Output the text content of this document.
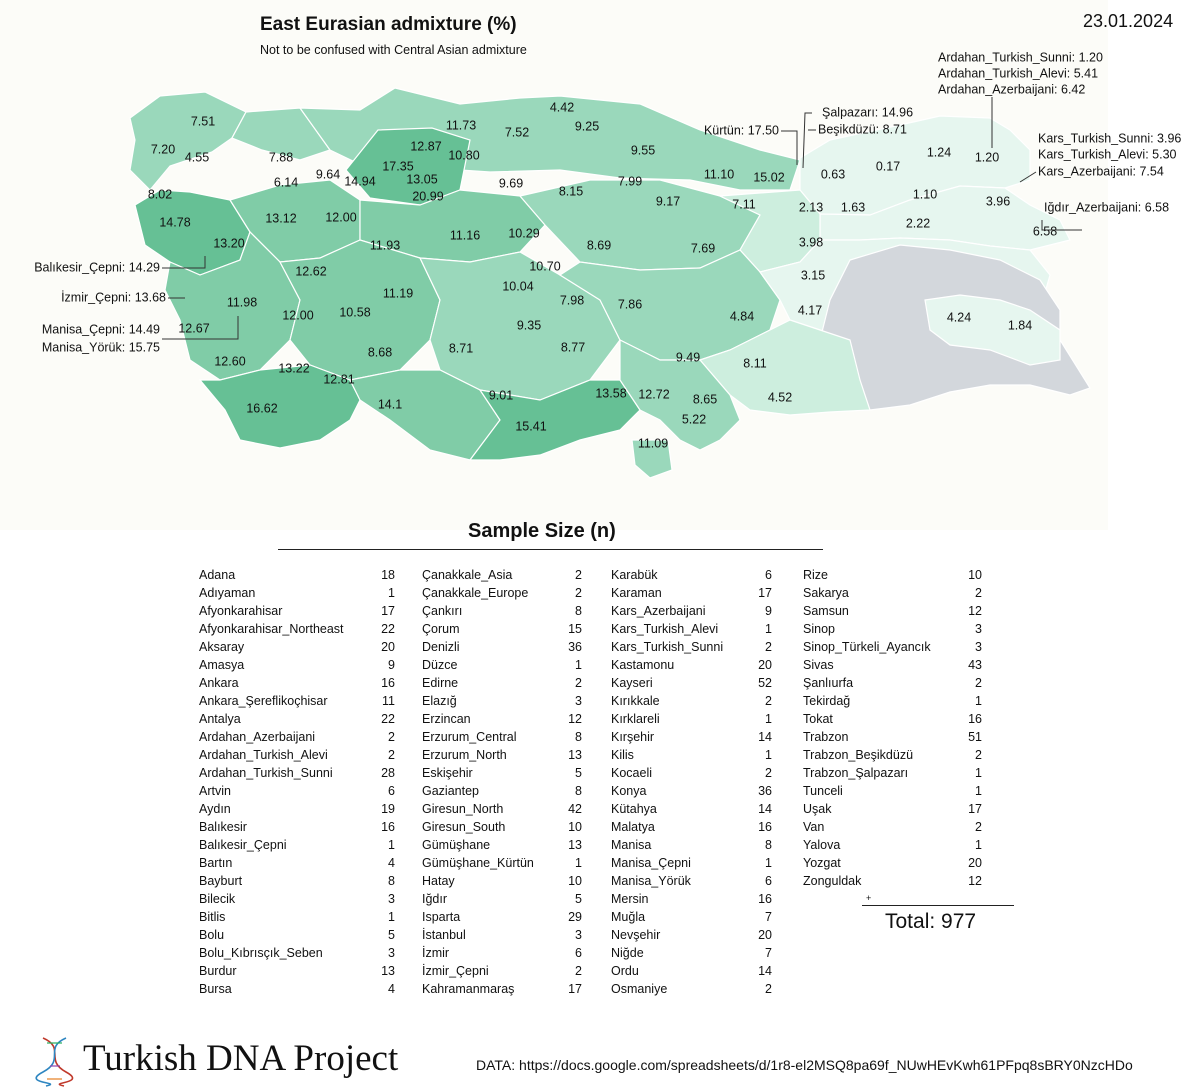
7.51
7.20
4.55
8.02
7.88
6.14
9.64 14.94
17.35
12.87
11.73
10.80
13.05
20.99
7.52
4.42
9.25
9.55
9.69
8.15
7.99	11.10 15.02
9.17	7.11
0.63
0.17
1.24 1.20
1.10	3.96
2.13 1.63
2.22
6.58
14.78	13.12 12.00
13.20	11.93
11.16 10.29
8.69	7.69	3.98
12.62	10.70
3.15
11.19	10.04
7.98
11.98
10.58
7.86	4.17
12.00	4.84
9.35
4.24
1.84
12.67
8.68	8.71	8.77
9.49
12.60	13.22	8.11
12.81
9.01	13.58 12.72 8.65	4.52
16.62	14.1
5.22
15.41
11.09
Balıkesir_Çepni: 14.29
İzmir_Çepni: 13.68
Manisa_Çepni: 14.49
Manisa_Yörük: 15.75
Kürtün: 17.50
Şalpazarı: 14.96
Beşikdüzü: 8.71
Ardahan_Turkish_Sunni: 1.20
Ardahan_Turkish_Alevi: 5.41
Ardahan_Azerbaijani: 6.42
Kars_Turkish_Sunni: 3.96
Kars_Turkish_Alevi: 5.30
Kars_Azerbaijani: 7.54
Iğdır_Azerbaijani: 6.58
East Eurasian admixture (%)
Not to be confused with Central Asian admixture
23.01.2024
Sample Size (n)
Adana	18
Adıyaman	1
Afyonkarahisar	17
Afyonkarahisar_Northeast	22
Aksaray	20
Amasya	9
Ankara	16
Ankara_Şereflikoçhisar	11
Antalya	22
Ardahan_Azerbaijani	2
Ardahan_Turkish_Alevi	2
Ardahan_Turkish_Sunni	28
Artvin	6
Aydın	19
Balıkesir	16
Balıkesir_Çepni	1
Bartın	4
Bayburt	8
Bilecik	3
Bitlis	1
Bolu	5
Bolu_Kıbrısçık_Seben	3
Burdur	13
Bursa	4
Çanakkale_Asia	2
Çanakkale_Europe	2
Çankırı	8
Çorum	15
Denizli	36
Düzce	1
Edirne	2
Elazığ	3
Erzincan	12
Erzurum_Central	8
Erzurum_North	13
Eskişehir	5
Gaziantep	8
Giresun_North	42
Giresun_South	10
Gümüşhane	13
Gümüşhane_Kürtün	1
Hatay	10
Iğdır	5
Isparta	29
İstanbul	3
İzmir	6
İzmir_Çepni	2
Kahramanmaraş	17
Karabük	6
Karaman	17
Kars_Azerbaijani	9
Kars_Turkish_Alevi	1
Kars_Turkish_Sunni	2
Kastamonu	20
Kayseri	52
Kırıkkale	2
Kırklareli	1
Kırşehir	14
Kilis	1
Kocaeli	2
Konya	36
Kütahya	14
Malatya	16
Manisa	8
Manisa_Çepni	1
Manisa_Yörük	6
Mersin	16
Muğla	7
Nevşehir	20
Niğde	7
Ordu	14
Osmaniye	2
Rize	10
Sakarya	2
Samsun	12
Sinop	3
Sinop_Türkeli_Ayancık	3
Sivas	43
Şanlıurfa	2
Tekirdağ	1
Tokat	16
Trabzon	51
Trabzon_Beşikdüzü	2
Trabzon_Şalpazarı	1
Tunceli	1
Uşak	17
Van	2
Yalova	1
Yozgat	20
Zonguldak	12
+
Total: 977
Turkish DNA Project	DATA: https://docs.google.com/spreadsheets/d/1r8-el2MSQ8pa69f_NUwHEvKwh61PFpq8sBRY0NzcHDo
